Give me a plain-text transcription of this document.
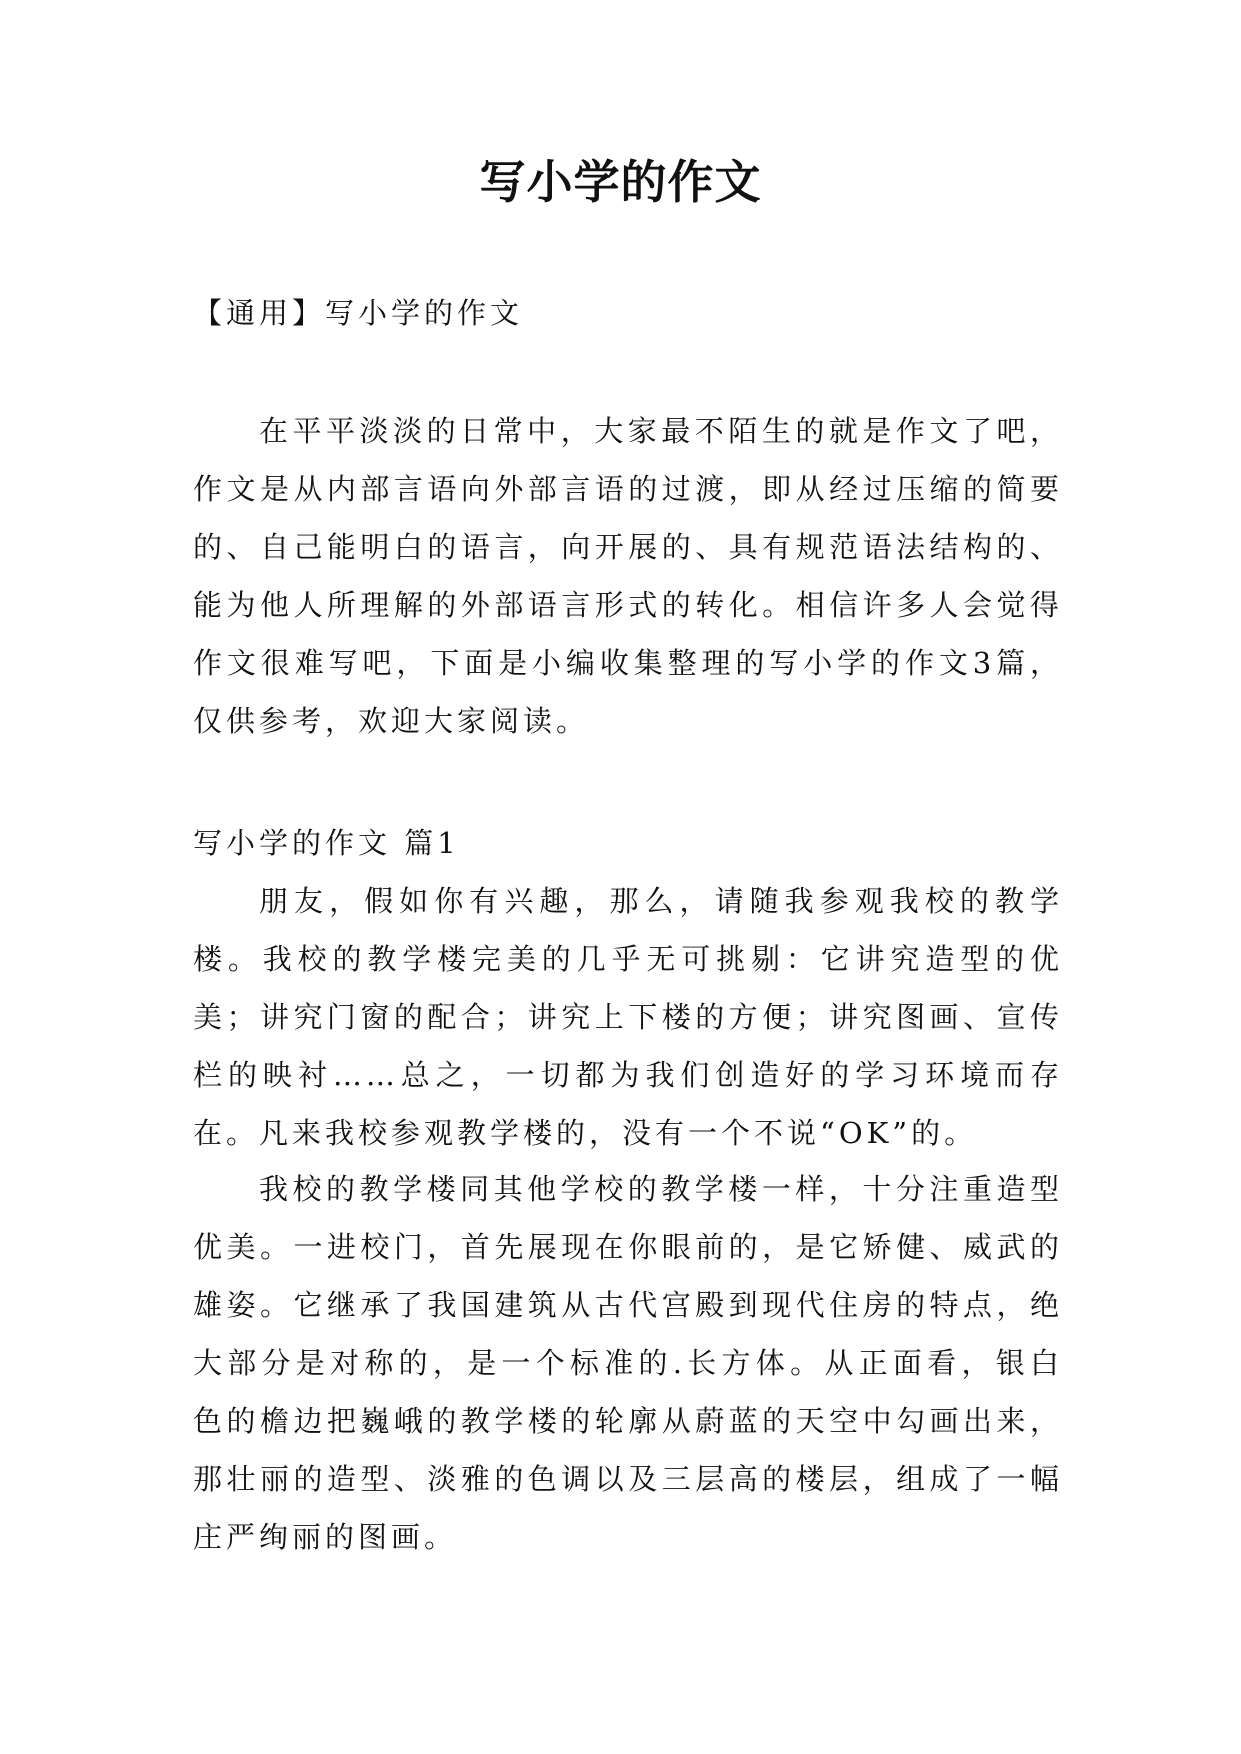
写小学的作文

【通用】写小学的作文

在平平淡淡的日常中，大家最不陌生的就是作文了吧，作文是从内部言语向外部言语的过渡，即从经过压缩的简要的、自己能明白的语言，向开展的、具有规范语法结构的、能为他人所理解的外部语言形式的转化。相信许多人会觉得作文很难写吧，下面是小编收集整理的写小学的作文3篇，仅供参考，欢迎大家阅读。

写小学的作文 篇1

朋友，假如你有兴趣，那么，请随我参观我校的教学楼。我校的教学楼完美的几乎无可挑剔：它讲究造型的优美；讲究门窗的配合；讲究上下楼的方便；讲究图画、宣传栏的映衬……总之，一切都为我们创造好的学习环境而存在。凡来我校参观教学楼的，没有一个不说“OK”的。

我校的教学楼同其他学校的教学楼一样，十分注重造型优美。一进校门，首先展现在你眼前的，是它矫健、威武的雄姿。它继承了我国建筑从古代宫殿到现代住房的特点，绝大部分是对称的，是一个标准的.长方体。从正面看，银白色的檐边把巍峨的教学楼的轮廓从蔚蓝的天空中勾画出来，那壮丽的造型、淡雅的色调以及三层高的楼层，组成了一幅庄严绚丽的图画。
